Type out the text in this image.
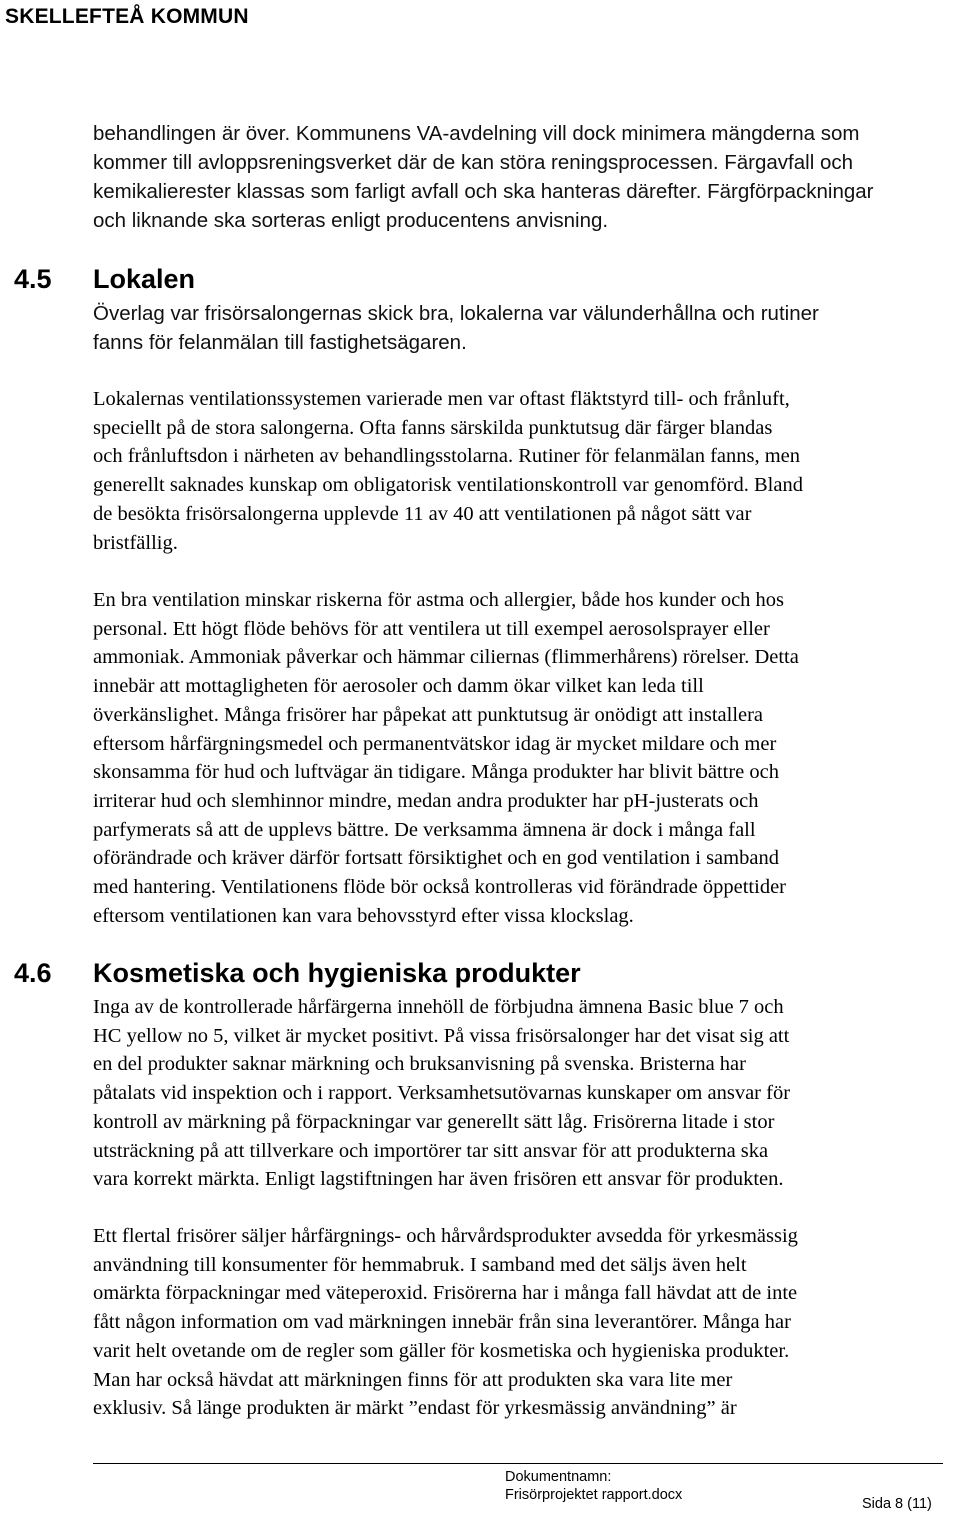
SKELLEFTEÅ KOMMUN
behandlingen är över. Kommunens VA-avdelning vill dock minimera mängderna som
kommer till avloppsreningsverket där de kan störa reningsprocessen. Färgavfall och
kemikalierester klassas som farligt avfall och ska hanteras därefter. Färgförpackningar
och liknande ska sorteras enligt producentens anvisning.
4.5 Lokalen
Överlag var frisörsalongernas skick bra, lokalerna var välunderhållna och rutiner
fanns för felanmälan till fastighetsägaren.
Lokalernas ventilationssystemen varierade men var oftast fläktstyrd till- och frånluft,
speciellt på de stora salongerna. Ofta fanns särskilda punktutsug där färger blandas
och frånluftsdon i närheten av behandlingsstolarna. Rutiner för felanmälan fanns, men
generellt saknades kunskap om obligatorisk ventilationskontroll var genomförd. Bland
de besökta frisörsalongerna upplevde 11 av 40 att ventilationen på något sätt var
bristfällig.
En bra ventilation minskar riskerna för astma och allergier, både hos kunder och hos
personal. Ett högt flöde behövs för att ventilera ut till exempel aerosolsprayer eller
ammoniak. Ammoniak påverkar och hämmar ciliernas (flimmerhårens) rörelser. Detta
innebär att mottagligheten för aerosoler och damm ökar vilket kan leda till
överkänslighet. Många frisörer har påpekat att punktutsug är onödigt att installera
eftersom hårfärgningsmedel och permanentvätskor idag är mycket mildare och mer
skonsamma för hud och luftvägar än tidigare. Många produkter har blivit bättre och
irriterar hud och slemhinnor mindre, medan andra produkter har pH-justerats och
parfymerats så att de upplevs bättre. De verksamma ämnena är dock i många fall
oförändrade och kräver därför fortsatt försiktighet och en god ventilation i samband
med hantering. Ventilationens flöde bör också kontrolleras vid förändrade öppettider
eftersom ventilationen kan vara behovsstyrd efter vissa klockslag.
4.6 Kosmetiska och hygieniska produkter
Inga av de kontrollerade hårfärgerna innehöll de förbjudna ämnena Basic blue 7 och
HC yellow no 5, vilket är mycket positivt. På vissa frisörsalonger har det visat sig att
en del produkter saknar märkning och bruksanvisning på svenska. Bristerna har
påtalats vid inspektion och i rapport. Verksamhetsutövarnas kunskaper om ansvar för
kontroll av märkning på förpackningar var generellt sätt låg. Frisörerna litade i stor
utsträckning på att tillverkare och importörer tar sitt ansvar för att produkterna ska
vara korrekt märkta. Enligt lagstiftningen har även frisören ett ansvar för produkten.
Ett flertal frisörer säljer hårfärgnings- och hårvårdsprodukter avsedda för yrkesmässig
användning till konsumenter för hemmabruk. I samband med det säljs även helt
omärkta förpackningar med väteperoxid. Frisörerna har i många fall hävdat att de inte
fått någon information om vad märkningen innebär från sina leverantörer. Många har
varit helt ovetande om de regler som gäller för kosmetiska och hygieniska produkter.
Man har också hävdat att märkningen finns för att produkten ska vara lite mer
exklusiv. Så länge produkten är märkt ”endast för yrkesmässig användning” är
Dokumentnamn:
Frisörprojektet rapport.docx
Sida 8 (11)
